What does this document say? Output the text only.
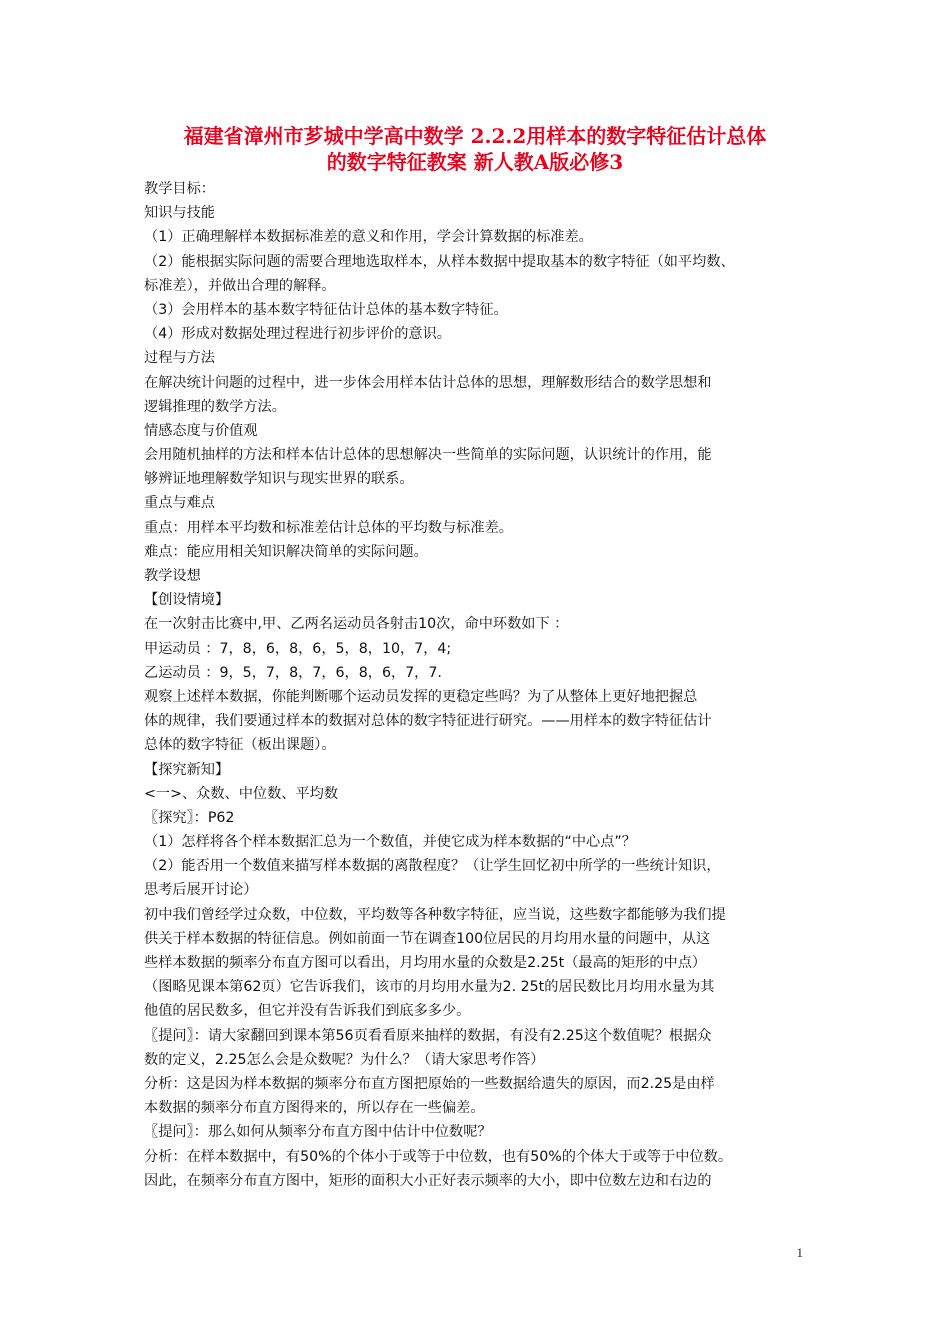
福建省漳州市芗城中学高中数学 2.2.2用样本的数字特征估计总体
的数字特征教案 新人教A版必修3
教学目标：
知识与技能
（1）正确理解样本数据标准差的意义和作用，学会计算数据的标准差。
（2）能根据实际问题的需要合理地选取样本，从样本数据中提取基本的数字特征（如平均数、
标准差），并做出合理的解释。
（3）会用样本的基本数字特征估计总体的基本数字特征。
（4）形成对数据处理过程进行初步评价的意识。
过程与方法
在解决统计问题的过程中，进一步体会用样本估计总体的思想，理解数形结合的数学思想和
逻辑推理的数学方法。
情感态度与价值观
会用随机抽样的方法和样本估计总体的思想解决一些简单的实际问题，认识统计的作用，能
够辨证地理解数学知识与现实世界的联系。
重点与难点
重点：用样本平均数和标准差估计总体的平均数与标准差。
难点：能应用相关知识解决简单的实际问题。
教学设想
【创设情境】
在一次射击比赛中,甲、乙两名运动员各射击10次，命中环数如下 ：
甲运动员 ：7，8，6，8，6，5，8，10，7，4;
乙运动员 ：9，5，7，8，7，6，8，6，7，7.
观察上述样本数据，你能判断哪个运动员发挥的更稳定些吗？为了从整体上更好地把握总
体的规律，我们要通过样本的数据对总体的数字特征进行研究。——用样本的数字特征估计
总体的数字特征（板出课题）。
【探究新知】
<一>、众数、中位数、平均数
〖探究〗：P62
（1）怎样将各个样本数据汇总为一个数值，并使它成为样本数据的“中心点”？
（2）能否用一个数值来描写样本数据的离散程度？（让学生回忆初中所学的一些统计知识，
思考后展开讨论）
初中我们曾经学过众数，中位数，平均数等各种数字特征，应当说，这些数字都能够为我们提
供关于样本数据的特征信息。例如前面一节在调查100位居民的月均用水量的问题中，从这
些样本数据的频率分布直方图可以看出，月均用水量的众数是2.25t（最高的矩形的中点）
（图略见课本第62页）它告诉我们，该市的月均用水量为2. 25t的居民数比月均用水量为其
他值的居民数多，但它并没有告诉我们到底多多少。
〖提问〗：请大家翻回到课本第56页看看原来抽样的数据，有没有2.25这个数值呢？根据众
数的定义，2.25怎么会是众数呢？为什么？（请大家思考作答）
分析：这是因为样本数据的频率分布直方图把原始的一些数据给遗失的原因，而2.25是由样
本数据的频率分布直方图得来的，所以存在一些偏差。
〖提问〗：那么如何从频率分布直方图中估计中位数呢？
分析：在样本数据中，有50%的个体小于或等于中位数，也有50%的个体大于或等于中位数。
因此，在频率分布直方图中，矩形的面积大小正好表示频率的大小，即中位数左边和右边的
1
